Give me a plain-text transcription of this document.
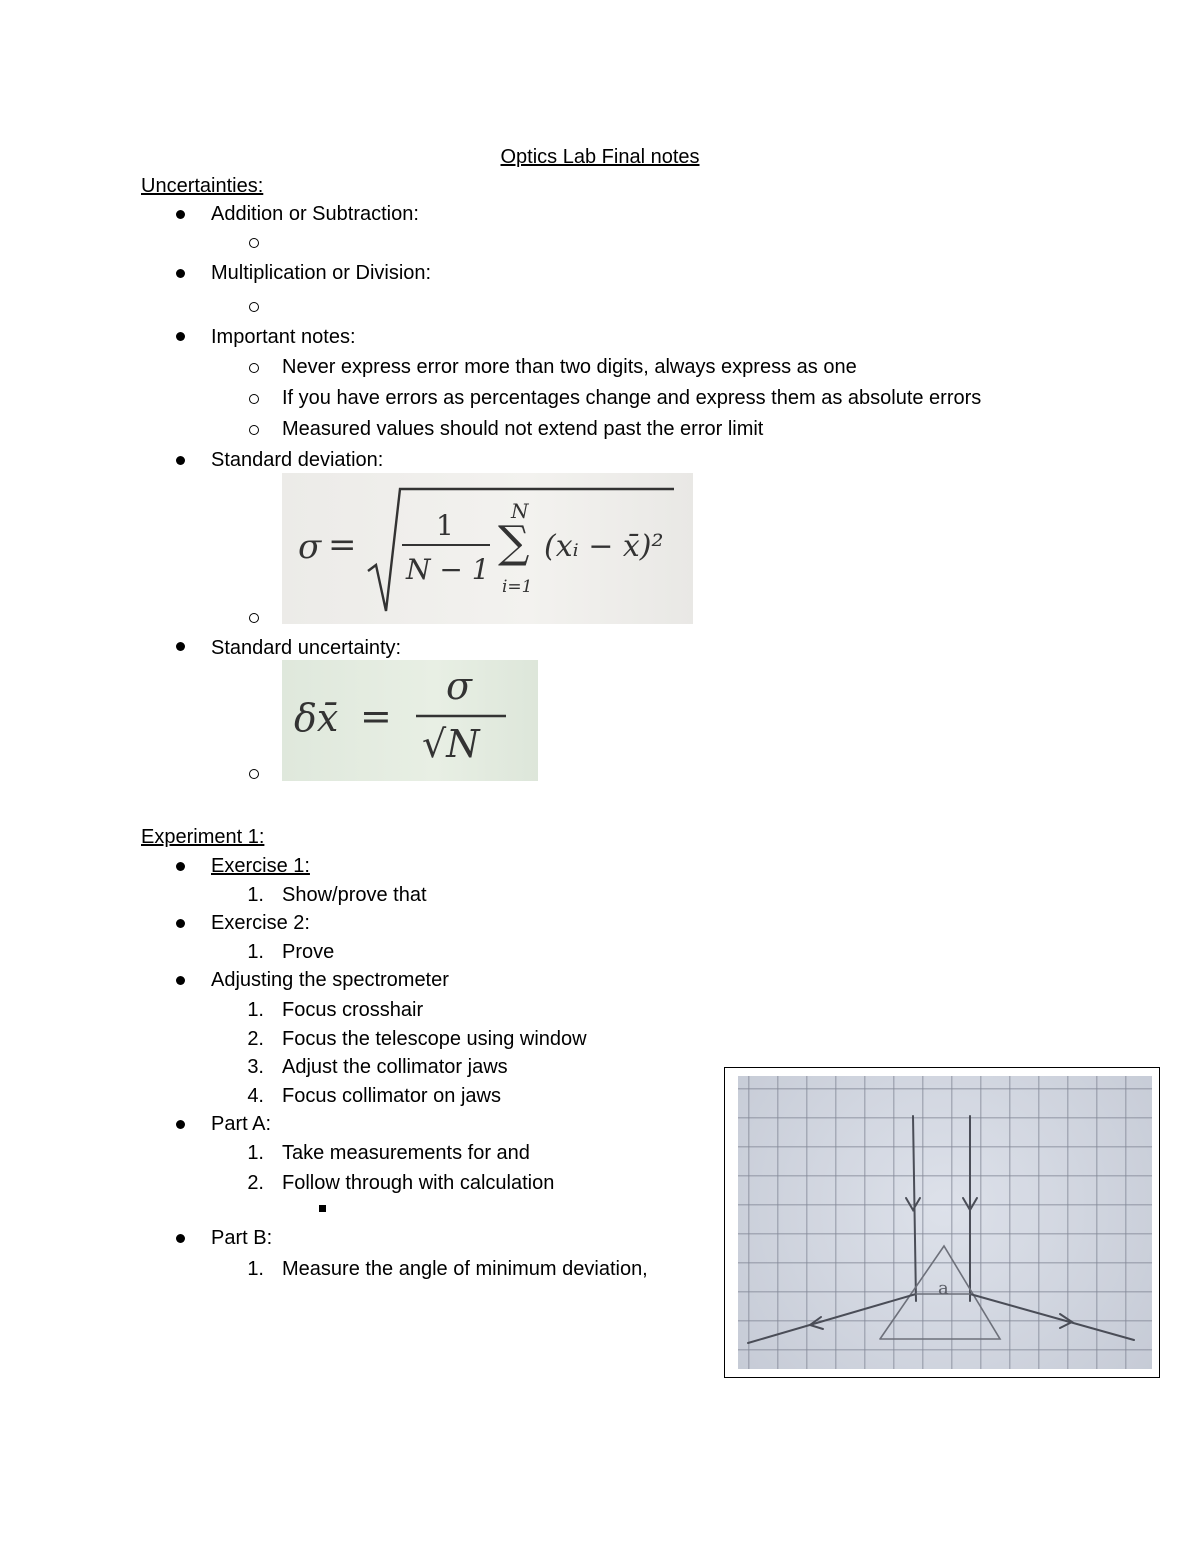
Optics Lab Final notes
Uncertainties:
Addition or Subtraction:
Multiplication or Division:
Important notes:
Never express error more than two digits, always express as one
If you have errors as percentages change and express them as absolute errors
Measured values should not extend past the error limit
Standard deviation:
σ =	1
N − 1
∑
N
i=1
(xᵢ − x̄)²
Standard uncertainty:
δx̄ =
σ
√N
Experiment 1:
Exercise 1:
1. Show/prove that
Exercise 2:
1. Prove
Adjusting the spectrometer
1. Focus crosshair
2. Focus the telescope using window
3. Adjust the collimator jaws
4. Focus collimator on jaws
Part A:
1. Take measurements for and
2. Follow through with calculation
Part B:
1. Measure the angle of minimum deviation,
a
